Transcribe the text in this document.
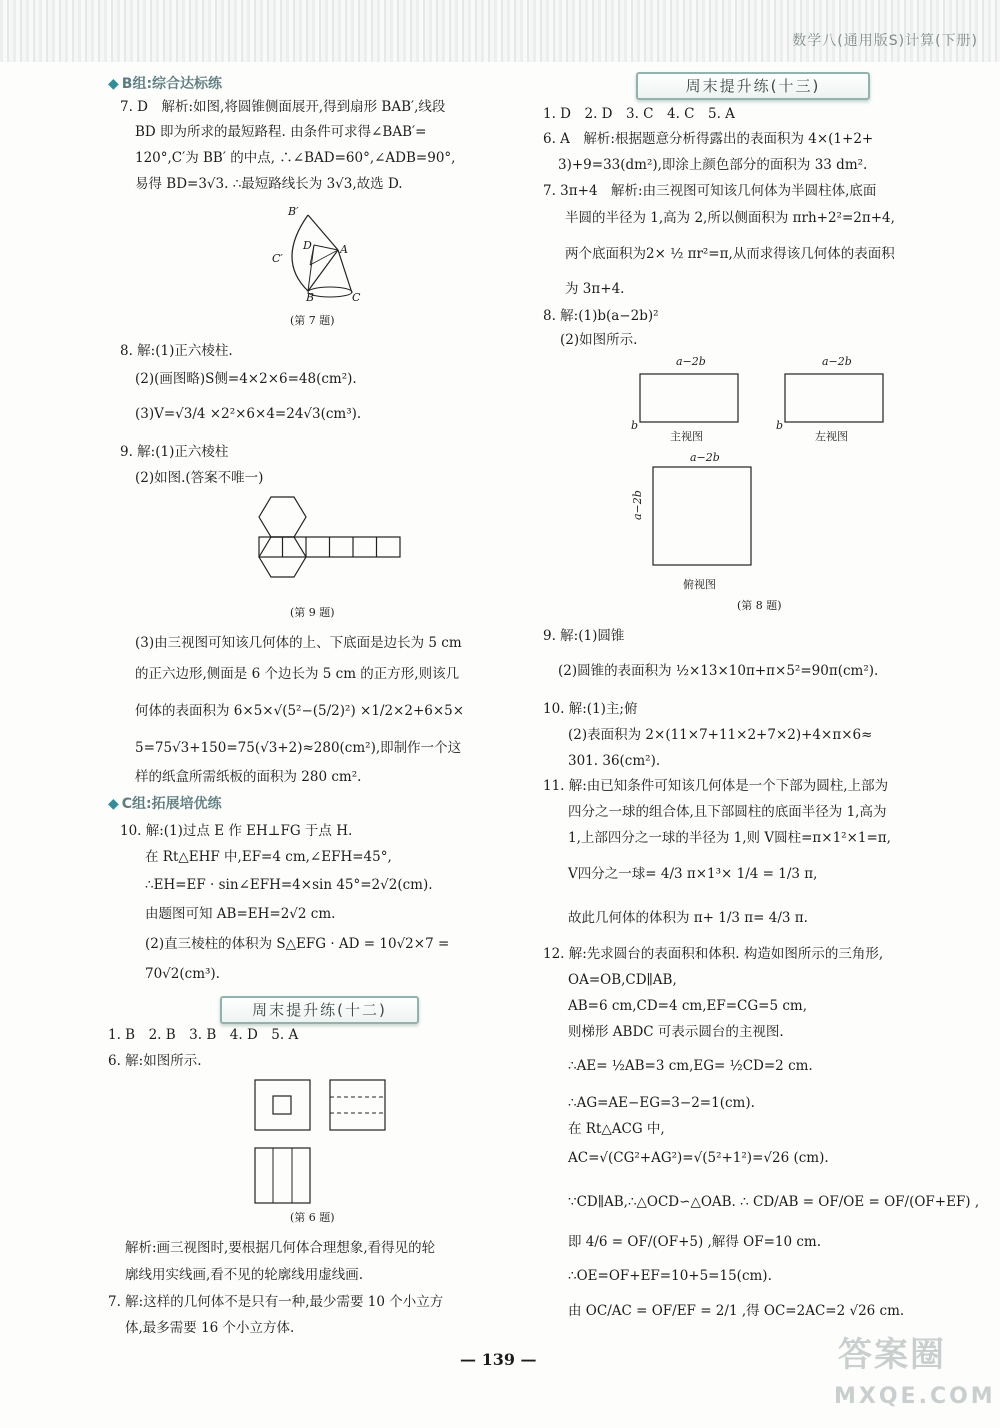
数学八(通用版S)计算(下册)
◆ B组:综合达标练
7. D　解析:如图,将圆锥侧面展开,得到扇形 BAB′,线段
BD 即为所求的最短路程. 由条件可求得∠BAB′=
120°,C′为 BB′ 的中点, ∴∠BAD=60°,∠ADB=90°,
易得 BD=3√3. ∴最短路线长为 3√3,故选 D.
B′
D	A
C′
B	C
(第 7 题)
8. 解:(1)正六棱柱.
(2)(画图略)S侧=4×2×6=48(cm²).
(3)V=√3/4 ×2²×6×4=24√3(cm³).
9. 解:(1)正六棱柱
(2)如图.(答案不唯一)
(第 9 题)
(3)由三视图可知该几何体的上、下底面是边长为 5 cm
的正六边形,侧面是 6 个边长为 5 cm 的正方形,则该几
何体的表面积为 6×5×√(5²−(5/2)²) ×1/2×2+6×5×
5=75√3+150=75(√3+2)≈280(cm²),即制作一个这
样的纸盒所需纸板的面积为 280 cm².
◆ C组:拓展培优练
10. 解:(1)过点 E 作 EH⊥FG 于点 H.
在 Rt△EHF 中,EF=4 cm,∠EFH=45°,
∴EH=EF · sin∠EFH=4×sin 45°=2√2(cm).
由题图可知 AB=EH=2√2 cm.
(2)直三棱柱的体积为 S△EFG · AD = 10√2×7 =
70√2(cm³).
周末提升练(十二)
1. B　2. B　3. B　4. D　5. A
6. 解:如图所示.
(第 6 题)
解析:画三视图时,要根据几何体合理想象,看得见的轮
廓线用实线画,看不见的轮廓线用虚线画.
7. 解:这样的几何体不是只有一种,最少需要 10 个小立方
体,最多需要 16 个小立方体.
周末提升练(十三)
1. D　2. D　3. C　4. C　5. A
6. A　解析:根据题意分析得露出的表面积为 4×(1+2+
3)+9=33(dm²),即涂上颜色部分的面积为 33 dm².
7. 3π+4　解析:由三视图可知该几何体为半圆柱体,底面
半圆的半径为 1,高为 2,所以侧面积为 πrh+2²=2π+4,
两个底面积为2× ½ πr²=π,从而求得该几何体的表面积
为 3π+4.
8. 解:(1)b(a−2b)²
(2)如图所示.
a−2b	a−2b
b	b
主视图	左视图
a−2b
a−2b
俯视图
(第 8 题)
9. 解:(1)圆锥
(2)圆锥的表面积为 ½×13×10π+π×5²=90π(cm²).
10. 解:(1)主;俯
(2)表面积为 2×(11×7+11×2+7×2)+4×π×6≈
301. 36(cm²).
11. 解:由已知条件可知该几何体是一个下部为圆柱,上部为
四分之一球的组合体,且下部圆柱的底面半径为 1,高为
1,上部四分之一球的半径为 1,则 V圆柱=π×1²×1=π,
V四分之一球= 4/3 π×1³× 1/4 = 1/3 π,
故此几何体的体积为 π+ 1/3 π= 4/3 π.
12. 解:先求圆台的表面积和体积. 构造如图所示的三角形,
OA=OB,CD∥AB,
AB=6 cm,CD=4 cm,EF=CG=5 cm,
则梯形 ABDC 可表示圆台的主视图.
∴AE= ½AB=3 cm,EG= ½CD=2 cm.
∴AG=AE−EG=3−2=1(cm).
在 Rt△ACG 中,
AC=√(CG²+AG²)=√(5²+1²)=√26 (cm).
∵CD∥AB,∴△OCD∽△OAB. ∴ CD/AB = OF/OE = OF/(OF+EF) ,
即 4/6 = OF/(OF+5) ,解得 OF=10 cm.
∴OE=OF+EF=10+5=15(cm).
由 OC/AC = OF/EF = 2/1 ,得 OC=2AC=2 √26 cm.
— 139 —	答案圈
MXQE.COM
